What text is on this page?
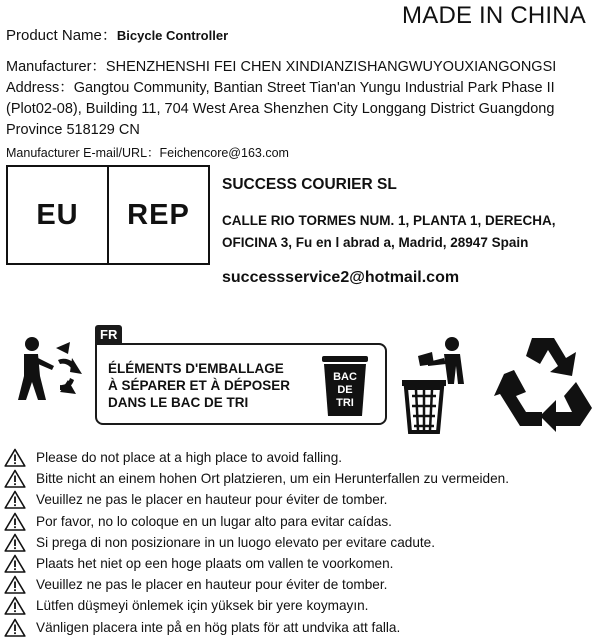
MADE IN CHINA
Product Name：Bicycle Controller
Manufacturer：SHENZHENSHI FEI CHEN XINDIANZISHANGWUYOUXIANGONGSI
Address：Gangtou Community, Bantian Street Tian'an Yungu Industrial Park Phase II (Plot02-08), Building 11, 704 West Area Shenzhen City Longgang District Guangdong Province 518129 CN
Manufacturer E-mail/URL：Feichencore@163.com
EU	REP
SUCCESS COURIER SL
CALLE RIO TORMES NUM. 1, PLANTA 1, DERECHA,
OFICINA 3, Fu en l abrad a, Madrid, 28947 Spain
successservice2@hotmail.com
FR
ÉLÉMENTS D'EMBALLAGE
À SÉPARER ET À DÉPOSER
DANS LE BAC DE TRI
BAC
DE
TRI
Please do not place at a high place to avoid falling.
Bitte nicht an einem hohen Ort platzieren, um ein Herunterfallen zu vermeiden.
Veuillez ne pas le placer en hauteur pour éviter de tomber.
Por favor, no lo coloque en un lugar alto para evitar caídas.
Si prega di non posizionare in un luogo elevato per evitare cadute.
Plaats het niet op een hoge plaats om vallen te voorkomen.
Veuillez ne pas le placer en hauteur pour éviter de tomber.
Lütfen düşmeyi önlemek için yüksek bir yere koymayın.
Vänligen placera inte på en hög plats för att undvika att falla.
